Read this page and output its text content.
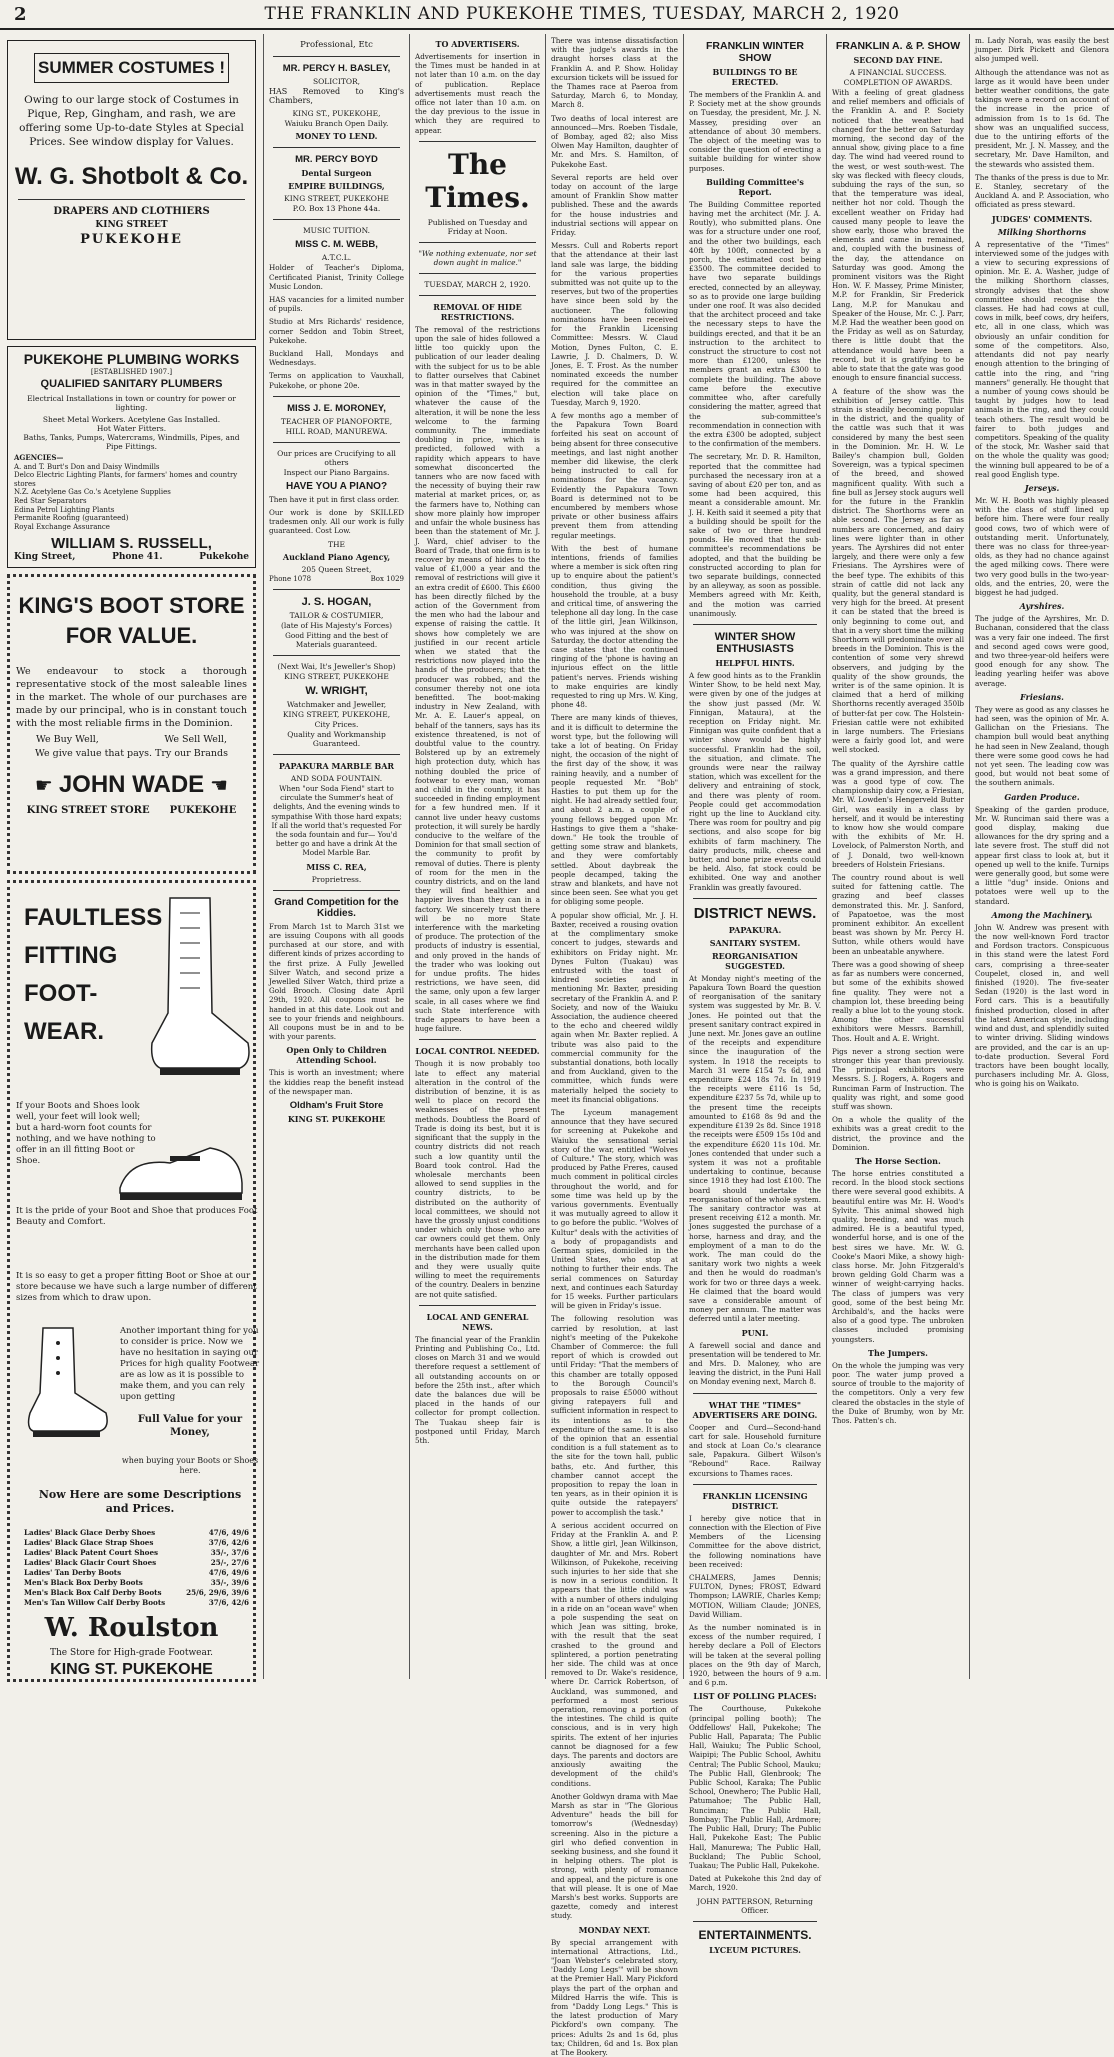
2	THE FRANKLIN AND PUKEKOHE TIMES, TUESDAY, MARCH 2, 1920
SUMMER COSTUMES !

Owing to our large stock of Costumes in Pique, Rep, Gingham, and rash, we are offering some Up-to-date Styles at Special Prices. See window display for Values.

W. G. Shotbolt & Co.

DRAPERS AND CLOTHIERS

KING STREET

PUKEKOHE

PUKEKOHE PLUMBING WORKS

[ESTABLISHED 1907.]

QUALIFIED SANITARY PLUMBERS

Electrical Installations in town or country for power or lighting.

Sheet Metal Workers. Acetylene Gas Installed.

Hot Water Fitters.

Baths, Tanks, Pumps, Watercrams, Windmills, Pipes, and Pipe Fittings.

AGENCIES—
A. and T. Burt's Don and Daisy Windmills
Delco Electric Lighting Plants, for farmers' homes and country stores
N.Z. Acetylene Gas Co.'s Acetylene Supplies
Red Star Separators
Edina Petrol Lighting Plants
Permanite Roofing (guaranteed)
Royal Exchange Assurance
WILLIAM S. RUSSELL,
King Street,	Phone 41.	Pukekohe
KING'S BOOT STORE FOR VALUE.

We endeavour to stock a thorough representative stock of the most saleable lines in the market. The whole of our purchases are made by our principal, who is in constant touch with the most reliable firms in the Dominion.

We Buy Well,	We Sell Well,

We give value that pays. Try our Brands

☛ JOHN WADE ☛
KING STREET STORE PUKEKOHE
FAULTLESS
FITTING
FOOT-
WEAR.

If your Boots and Shoes look well, your feet will look well; but a hard-worn foot counts for nothing, and we have nothing to offer in an ill fitting Boot or Shoe.

It is the pride of your Boot and Shoe that produces Foot Beauty and Comfort.

It is so easy to get a proper fitting Boot or Shoe at our store because we have such a large number of different sizes from which to draw upon.

Another important thing for you to consider is price. Now we have no hesitation in saying our Prices for high quality Footwear are as low as it is possible to make them, and you can rely upon getting

Full Value for your
Money,

when buying your Boots or Shoes here.

Now Here are some Descriptions and Prices.
Ladies' Black Glace Derby Shoes	47/6, 49/6
Ladies' Black Glace Strap Shoes	37/6, 42/6
Ladies' Black Patent Court Shoes	35/-, 37/6
Ladies' Black Glacir Court Shoes	25/-, 27/6
Ladies' Tan Derby Boots	47/6, 49/6
Men's Black Box Derby Boots	35/-, 39/6
Men's Black Box Calf Derby Boots	25/6, 29/6, 39/6
Men's Tan Willow Calf Derby Boots	37/6, 42/6
W. Roulston
The Store for High-grade Footwear.
KING ST. PUKEKOHE
Professional, Etc
MR. PERCY H. BASLEY,
SOLICITOR,
HAS Removed to King's Chambers,
KING ST., PUKEKOHE,
Waiuku Branch Open Daily.
MONEY TO LEND.
MR. PERCY BOYD
Dental Surgeon
EMPIRE BUILDINGS,
KING STREET, PUKEKOHE
P.O. Box 13 Phone 44a.
MUSIC TUITION.
MISS C. M. WEBB,
A.T.C.L.
Holder of Teacher's Diploma, Certificated Pianist, Trinity College Music London.
HAS vacancies for a limited number of pupils.
Studio at Mrs Richards' residence, corner Seddon and Tobin Street, Pukekohe.
Buckland Hall, Mondays and Wednesdays.
Terms on application to Vauxhall, Pukekohe, or phone 20e.
MISS J. E. MORONEY,
TEACHER OF PIANOFORTE,
HILL ROAD, MANUREWA.
Our prices are Crucifying to all others
Inspect our Piano Bargains.
HAVE YOU A PIANO?
Then have it put in first class order.
Our work is done by SKILLED tradesmen only. All our work is fully guaranteed. Cost Low.
THE
Auckland Piano Agency,
205 Queen Street,
Phone 1078	Box 1029
J. S. HOGAN,
TAILOR & COSTUMIER,
(late of His Majesty's Forces)
Good Fitting and the best of Materials guaranteed.
(Next Wai, It's Jeweller's Shop)
KING STREET, PUKEKOHE
W. WRIGHT,
Watchmaker and Jeweller,
KING STREET, PUKEKOHE,
City Prices.
Quality and Workmanship Guaranteed.
PAPAKURA MARBLE BAR
AND SODA FOUNTAIN.
When "our Soda Fiend" start to circulate the Summer's heat of delights, And the evening winds to sympathise With those hard expats; If all the world that's requested For the soda fountain and fur— You'd better go and have a drink At the Model Marble Bar.
MISS C. REA,
Proprietress.
Grand Competition for the Kiddies.
From March 1st to March 31st we are issuing Coupons with all goods purchased at our store, and with different kinds of prizes according to the first prize. A Fully Jewelled Silver Watch, and second prize a Jewelled Silver Watch, third prize a Gold Brooch. Closing date April 29th, 1920. All coupons must be handed in at this date. Look out and see to your friends and neighbours. All coupons must be in and to be with your parents.
Open Only to Children Attending School.
This is worth an investment; where the kiddies reap the benefit instead of the newspaper man.
Oldham's Fruit Store
KING ST. PUKEKOHE
TO ADVERTISERS.
Advertisements for insertion in the Times must be handed in at not later than 10 a.m. on the day of publication. Replace advertisements must reach the office not later than 10 a.m. on the day previous to the issue in which they are required to appear.
The Times.
Published on Tuesday and Friday at Noon.
"We nothing extenuate, nor set down aught in malice."
TUESDAY, MARCH 2, 1920.
REMOVAL OF HIDE RESTRICTIONS.
The removal of the restrictions upon the sale of hides followed a little too quickly upon the publication of our leader dealing with the subject for us to be able to flatter ourselves that Cabinet was in that matter swayed by the opinion of the "Times," but, whatever the cause of the alteration, it will be none the less welcome to the farming community. The immediate doubling in price, which is predicted, followed with a rapidity which appears to have somewhat disconcerted the tanners who are now faced with the necessity of buying their raw material at market prices, or, as the farmers have to, Nothing can show more plainly how improper and unfair the whole business has been than the statement of Mr. J. J. Ward, chief adviser to the Board of Trade, that one firm is to recover by means of hides to the value of £1,000 a year and the removal of restrictions will give it an extra credit of £600. This £600 has been directly filched by the action of the Government from the men who had the labour and expense of raising the cattle. It shows how completely we are justified in our recent article when we stated that the restrictions now played into the hands of the producers; that the producer was robbed, and the consumer thereby not one iota benefitted. The boot-making industry in New Zealand, with Mr. A. E. Lauer's appeal, on behalf of the tanners, says has its existence threatened, is not of doubtful value to the country. Bolstered up by an extremely high protection duty, which has nothing doubled the price of footwear to every man, woman and child in the country, it has succeeded in finding employment for a few hundred men. If it cannot live under heavy customs protection, it will surely be hardly conducive to the welfare of the Dominion for that small section of the community to profit by removal of duties. There is plenty of room for the men in the country districts, and on the land they will find healthier and happier lives than they can in a factory. We sincerely trust there will be no more State interference with the marketing of produce. The protection of the products of industry is essential, and only proved in the hands of the trader who was looking out for undue profits. The hides restrictions, we have seen, did the same, only upon a few larger scale, in all cases where we find such State interference with trade appears to have been a huge failure.
LOCAL CONTROL NEEDED.
Though it is now probably too late to effect any material alteration in the control of the distribution of benzine, it is as well to place on record the weaknesses of the present methods. Doubtless the Board of Trade is doing its best, but it is significant that the supply in the country districts did not reach such a low quantity until the Board took control. Had the wholesale merchants been allowed to send supplies in the country districts, to be distributed on the authority of local committees, we should not have the grossly unjust conditions under which only those who are car owners could get them. Only merchants have been called upon in the distribution made for them and they were usually quite willing to meet the requirements of the country. Dealers in benzine are not quite satisfied.
LOCAL AND GENERAL NEWS.
The financial year of the Franklin Printing and Publishing Co., Ltd. closes on March 31 and we would therefore request a settlement of all outstanding accounts on or before the 25th inst., after which date the balances due will be placed in the hands of our collector for prompt collection. The Tuakau sheep fair is postponed until Friday, March 5th.
There was intense dissatisfaction with the judge's awards in the draught horses class at the Franklin A. and P. Show. Holiday excursion tickets will be issued for the Thames race at Paeroa from Saturday, March 6, to Monday, March 8.
Two deaths of local interest are announced—Mrs. Roeben Tisdale, of Bombay, aged 82; also Miss Olwen May Hamilton, daughter of Mr. and Mrs. S. Hamilton, of Pukekohe East.
Several reports are held over today on account of the large amount of Franklin Show matter published. These and the awards for the house industries and industrial sections will appear on Friday.
Messrs. Cull and Roberts report that the attendance at their last land sale was large, the bidding for the various properties submitted was not quite up to the reserves, but two of the properties have since been sold by the auctioneer. The following nominations have been received for the Franklin Licensing Committee: Messrs. W. Claud Motion, Dynes Fulton, C. E. Lawrie, J. D. Chalmers, D. W. Jones, E. T. Frost. As the number nominated exceeds the number required for the committee an election will take place on Tuesday, March 9, 1920.
A few months ago a member of the Papakura Town Board forfeited his seat on account of being absent for three consecutive meetings, and last night another member did likewise, the clerk being instructed to call for nominations for the vacancy. Evidently the Papakura Town Board is determined not to be encumbered by members whose private or other business affairs prevent them from attending regular meetings.
With the best of humane intentions, friends of families where a member is sick often ring up to enquire about the patient's condition, thus giving the household the trouble, at a busy and critical time, of answering the telephone all day long. In the case of the little girl, Jean Wilkinson, who was injured at the show on Saturday, the doctor attending the case states that the continued ringing of the 'phone is having an injurious effect on the little patient's nerves. Friends wishing to make enquiries are kindly requested to ring up Mrs. W. King, phone 48.
There are many kinds of thieves, and it is difficult to determine the worst type, but the following will take a lot of beating. On Friday night, the occasion of the night of the first day of the show, it was raining heavily, and a number of people requested Mr. "Bob" Hasties to put them up for the night. He had already settled four, and about 2 a.m. a couple of young fellows begged upon Mr. Hastings to give them a "shake-down." He took the trouble of getting some straw and blankets, and they were comfortably settled. About daybreak the people decamped, taking the straw and blankets, and have not since been seen. See what you get for obliging some people.
A popular show official, Mr. J. H. Baxter, received a rousing ovation at the complimentary smoke concert to judges, stewards and exhibitors on Friday night. Mr. Dynes Fulton (Tuakau) was entrusted with the toast of kindred societies and in mentioning Mr. Baxter, presiding secretary of the Franklin A. and P. Society, and now of the Waiuku Association, the audience cheered to the echo and cheered wildly again when Mr. Baxter replied. A tribute was also paid to the commercial community for the substantial donations, both locally and from Auckland, given to the committee, which funds were materially helped the society to meet its financial obligations.
The Lyceum management announce that they have secured for screening at Pukekohe and Waiuku the sensational serial story of the war, entitled "Wolves of Culture." The story, which was produced by Pathe Freres, caused much comment in political circles throughout the world, and for some time was held up by the various governments. Eventually it was mutually agreed to allow it to go before the public. "Wolves of Kultur" deals with the activities of a body of propagandists and German spies, domiciled in the United States, who stop at nothing to further their ends. The serial commences on Saturday next, and continues each Saturday for 15 weeks. Further particulars will be given in Friday's issue.
The following resolution was carried by resolution, at last night's meeting of the Pukekohe Chamber of Commerce: the full report of which is crowded out until Friday: "That the members of this chamber are totally opposed to the Borough Council's proposals to raise £5000 without giving ratepayers full and sufficient information in respect to its intentions as to the expenditure of the same. It is also of the opinion that an essential condition is a full statement as to the site for the town hall, public baths, etc. And further, this chamber cannot accept the proposition to repay the loan in ten years, as in their opinion it is quite outside the ratepayers' power to accomplish the task."
A serious accident occurred on Friday at the Franklin A. and P. Show, a little girl, Jean Wilkinson, daughter of Mr. and Mrs. Robert Wilkinson, of Pukekohe, receiving such injuries to her side that she is now in a serious condition. It appears that the little child was with a number of others indulging in a ride on an "ocean wave" when a pole suspending the seat on which Jean was sitting, broke, with the result that the seat crashed to the ground and splintered, a portion penetrating her side. The child was at once removed to Dr. Wake's residence, where Dr. Carrick Robertson, of Auckland, was summoned, and performed a most serious operation, removing a portion of the intestines. The child is quite conscious, and is in very high spirits. The extent of her injuries cannot be diagnosed for a few days. The parents and doctors are anxiously awaiting the development of the child's conditions.
Another Goldwyn drama with Mae Marsh as star in "The Glorious Adventure" heads the bill for tomorrow's (Wednesday) screening. Also in the picture a girl who defied convention in seeking business, and she found it in helping others. The plot is strong, with plenty of romance and appeal, and the picture is one that will please. It is one of Mae Marsh's best works. Supports are gazette, comedy and interest study.
MONDAY NEXT.
By special arrangement with international Attractions, Ltd., "Joan Webster's celebrated story, 'Daddy Long Legs'" will be shown at the Premier Hall. Mary Pickford plays the part of the orphan and Mildred Harris the wife. This is from "Daddy Long Legs." This is the latest production of Mary Pickford's own company. The prices: Adults 2s and 1s 6d, plus tax; Children, 6d and 1s. Box plan at The Bookery.
FRANKLIN WINTER SHOW
BUILDINGS TO BE ERECTED.
The members of the Franklin A. and P. Society met at the show grounds on Tuesday, the president, Mr. J. N. Massey, presiding over an attendance of about 30 members. The object of the meeting was to consider the question of erecting a suitable building for winter show purposes.
Building Committee's Report.
The Building Committee reported having met the architect (Mr. J. A. Routly), who submitted plans. One was for a structure under one roof, and the other two buildings, each 40ft by 100ft, connected by a porch, the estimated cost being £3500. The committee decided to have two separate buildings erected, connected by an alleyway, so as to provide one large building under one roof. It was also decided that the architect proceed and take the necessary steps to have the buildings erected, and that it be an instruction to the architect to construct the structure to cost not more than £1200, unless the members grant an extra £300 to complete the building. The above came before the executive committee who, after carefully considering the matter, agreed that the sub-committee's recommendation in connection with the extra £300 be adopted, subject to the confirmation of the members.
The secretary, Mr. D. R. Hamilton, reported that the committee had purchased the necessary iron at a saving of about £20 per ton, and as some had been acquired, this meant a considerable amount. Mr. J. H. Keith said it seemed a pity that a building should be spoilt for the sake of two or three hundred pounds. He moved that the sub-committee's recommendations be adopted, and that the building be constructed according to plan for two separate buildings, connected by an alleyway, as soon as possible. Members agreed with Mr. Keith, and the motion was carried unanimously.
WINTER SHOW ENTHUSIASTS
HELPFUL HINTS.
A few good hints as to the Franklin Winter Show, to be held next May, were given by one of the judges at the show just passed (Mr. W. Finnigan, Mataura), at the reception on Friday night. Mr. Finnigan was quite confident that a winter show would be highly successful. Franklin had the soil, the situation, and climate. The grounds were near the railway station, which was excellent for the delivery and entraining of stock, and there was plenty of room. People could get accommodation right up the line to Auckland city. There was room for poultry and pig sections, and also scope for big exhibits of farm machinery. The dairy products, milk, cheese and butter, and bone prize events could be held. Also, fat stock could be exhibited. One way and another Franklin was greatly favoured.
DISTRICT NEWS.
PAPAKURA.
SANITARY SYSTEM.
REORGANISATION SUGGESTED.
At Monday night's meeting of the Papakura Town Board the question of reorganisation of the sanitary system was suggested by Mr. B. V. Jones. He pointed out that the present sanitary contract expired in June next. Mr. Jones gave an outline of the receipts and expenditure since the inauguration of the system. In 1918 the receipts to March 31 were £154 7s 6d, and expenditure £24 18s 7d. In 1919 the receipts were £116 1s 5d, expenditure £237 5s 7d, while up to the present time the receipts amounted to £168 8s 9d and the expenditure £139 2s 8d. Since 1918 the receipts were £509 15s 10d and the expenditure £620 11s 10d. Mr. Jones contended that under such a system it was not a profitable undertaking to continue, because since 1918 they had lost £100. The board should undertake the reorganisation of the whole system. The sanitary contractor was at present receiving £12 a month. Mr. Jones suggested the purchase of a horse, harness and dray, and the employment of a man to do the work. The man could do the sanitary work two nights a week and then he would do roadman's work for two or three days a week. He claimed that the board would save a considerable amount of money per annum. The matter was deferred until a later meeting.
PUNI.
A farewell social and dance and presentation will be tendered to Mr. and Mrs. D. Maloney, who are leaving the district, in the Puni Hall on Monday evening next, March 8.
WHAT THE "TIMES" ADVERTISERS ARE DOING.
Cooper and Curd—Second-hand cart for sale. Household furniture and stock at Loan Co.'s clearance sale, Papakura. Gilbert Wilson's "Rebound" Race. Railway excursions to Thames races.
FRANKLIN LICENSING DISTRICT.
I hereby give notice that in connection with the Election of Five Members of the Licensing Committee for the above district, the following nominations have been received:
CHALMERS, James Dennis; FULTON, Dynes; FROST, Edward Thompson; LAWRIE, Charles Kemp; MOTION, William Claude; JONES, David William.
As the number nominated is in excess of the number required, I hereby declare a Poll of Electors will be taken at the several polling places on the 9th day of March, 1920, between the hours of 9 a.m. and 6 p.m.
LIST OF POLLING PLACES:
The Courthouse, Pukekohe (principal polling booth); The Oddfellows' Hall, Pukekohe; The Public Hall, Paparata; The Public Hall, Waiuku; The Public School, Waipipi; The Public School, Awhitu Central; The Public School, Mauku; The Public Hall, Glenbrook; The Public School, Karaka; The Public School, Onewhero; The Public Hall, Patumahoe; The Public Hall, Runciman; The Public Hall, Bombay; The Public Hall, Ardmore; The Public Hall, Drury; The Public Hall, Pukekohe East; The Public Hall, Manurewa; The Public Hall, Buckland; The Public School, Tuakau; The Public Hall, Pukekohe.
Dated at Pukekohe this 2nd day of March, 1920.
JOHN PATTERSON, Returning Officer.
ENTERTAINMENTS.
LYCEUM PICTURES.
FRANKLIN A. & P. SHOW
SECOND DAY FINE.
A FINANCIAL SUCCESS.
COMPLETION OF AWARDS.
With a feeling of great gladness and relief members and officials of the Franklin A. and P. Society noticed that the weather had changed for the better on Saturday morning, the second day of the annual show, giving place to a fine day. The wind had veered round to the west, or west south-west. The sky was flecked with fleecy clouds, subduing the rays of the sun, so that the temperature was ideal, neither hot nor cold. Though the excellent weather on Friday had caused many people to leave the show early, those who braved the elements and came in remained, and, coupled with the business of the day, the attendance on Saturday was good. Among the prominent visitors was the Right Hon. W. F. Massey, Prime Minister, M.P. for Franklin, Sir Frederick Lang, M.P. for Manukau and Speaker of the House, Mr. C. J. Parr, M.P. Had the weather been good on the Friday as well as on Saturday, there is little doubt that the attendance would have been a record, but it is gratifying to be able to state that the gate was good enough to ensure financial success.
A feature of the show was the exhibition of Jersey cattle. This strain is steadily becoming popular in the district, and the quality of the cattle was such that it was considered by many the best seen in the Dominion. Mr. H. W. Le Bailey's champion bull, Golden Sovereign, was a typical specimen of the breed, and showed magnificent quality. With such a fine bull as Jersey stock augurs well for the future in the Franklin district. The Shorthorns were an able second. The Jersey as far as numbers are concerned, and dairy lines were lighter than in other years. The Ayrshires did not enter largely, and there were only a few Friesians. The Ayrshires were of the beef type. The exhibits of this strain of cattle did not lack any quality, but the general standard is very high for the breed. At present it can be stated that the breed is only beginning to come out, and that in a very short time the milking Shorthorn will predominate over all breeds in the Dominion. This is the contention of some very shrewd observers, and judging by the quality of the show grounds, the writer is of the same opinion. It is claimed that a herd of milking Shorthorns recently averaged 350lb of butter-fat per cow. The Holstein-Friesian cattle were not exhibited in large numbers. The Friesians were a fairly good lot, and were well stocked.
The quality of the Ayrshire cattle was a grand impression, and there was a good type of cow. The championship dairy cow, a Friesian, Mr. W. Lowden's Hengerveld Butter Girl, was easily in a class by herself, and it would be interesting to know how she would compare with the exhibits of Mr. H. Lovelock, of Palmerston North, and of J. Donald, two well-known breeders of Holstein Friesians.
The country round about is well suited for fattening cattle. The grazing and beef classes demonstrated this. Mr. J. Sanford, of Papatoetoe, was the most prominent exhibitor. An excellent beast was shown by Mr. Percy H. Sutton, while others would have been an unbeatable anywhere.
There was a good showing of sheep as far as numbers were concerned, but some of the exhibits showed fine quality. They were not a champion lot, these breeding being really a blue lot to the young stock. Among the other successful exhibitors were Messrs. Barnhill, Thos. Hoult and A. E. Wright.
Pigs never a strong section were stronger this year than previously. The principal exhibitors were Messrs. S. J. Rogers, A. Rogers and Runciman Farm of Instruction. The quality was right, and some good stuff was shown.
On a whole the quality of the exhibits was a great credit to the district, the province and the Dominion.
The Horse Section.
The horse entries constituted a record. In the blood stock sections there were several good exhibits. A beautiful entire was Mr. H. Wood's Sylvite. This animal showed high quality, breeding, and was much admired. He is a beautiful typed, wonderful horse, and is one of the best sires we have. Mr. W. G. Cooke's Maori Mike, a showy high-class horse. Mr. John Fitzgerald's brown gelding Gold Charm was a winner of weight-carrying hacks. The class of jumpers was very good, some of the best being Mr. Archibald's, and the hacks were also of a good type. The unbroken classes included promising youngsters.
The Jumpers.
On the whole the jumping was very poor. The water jump proved a source of trouble to the majority of the competitors. Only a very few cleared the obstacles in the style of the Duke of Brumby, won by Mr. Thos. Patten's ch.
m. Lady Norah, was easily the best jumper. Dirk Pickett and Glenora also jumped well.
Although the attendance was not as large as it would have been under better weather conditions, the gate takings were a record on account of the increase in the price of admission from 1s to 1s 6d. The show was an unqualified success, due to the untiring efforts of the president, Mr. J. N. Massey, and the secretary, Mr. Dave Hamilton, and the stewards who assisted them.
The thanks of the press is due to Mr. E. Stanley, secretary of the Auckland A. and P. Association, who officiated as press steward.
JUDGES' COMMENTS.
Milking Shorthorns
A representative of the "Times" interviewed some of the judges with a view to securing expressions of opinion. Mr. E. A. Washer, judge of the milking Shorthorn classes, strongly advises that the show committee should recognise the classes. He had had cows at cull, cows in milk, beef cows, dry heifers, etc, all in one class, which was obviously an unfair condition for some of the competitors. Also, attendants did not pay nearly enough attention to the bringing of cattle into the ring, and "ring manners" generally. He thought that a number of young cows should be taught by judges how to lead animals in the ring, and they could teach others. The result would be fairer to both judges and competitors. Speaking of the quality of the stock, Mr. Washer said that on the whole the quality was good; the winning bull appeared to be of a real good English type.
Jerseys.
Mr. W. H. Booth was highly pleased with the class of stuff lined up before him. There were four really good cows, two of which were of outstanding merit. Unfortunately, there was no class for three-year-olds, as they had no chance against the aged milking cows. There were two very good bulls in the two-year-olds, and the entries, 20, were the biggest he had judged.
Ayrshires.
The judge of the Ayrshires, Mr. D. Buchanan, considered that the class was a very fair one indeed. The first and second aged cows were good, and two three-year-old heifers were good enough for any show. The leading yearling heifer was above average.
Friesians.
They were as good as any classes he had seen, was the opinion of Mr. A. Gallichan on the Friesians. The champion bull would beat anything he had seen in New Zealand, though there were some good cows he had not yet seen. The leading cow was good, but would not beat some of the southern animals.
Garden Produce.
Speaking of the garden produce, Mr. W. Runciman said there was a good display, making due allowances for the dry spring and a late severe frost. The stuff did not appear first class to look at, but it opened up well to the knife. Turnips were generally good, but some were a little "dug" inside. Onions and potatoes were well up to the standard.
Among the Machinery.
John W. Andrew was present with the now well-known Ford tractor and Fordson tractors. Conspicuous in this stand were the latest Ford cars, comprising a three-seater Coupelet, closed in, and well finished (1920). The five-seater Sedan (1920) is the last word in Ford cars. This is a beautifully finished production, closed in after the latest American style, including wind and dust, and splendidly suited to winter driving. Sliding windows are provided, and the car is an up-to-date production. Several Ford tractors have been bought locally, purchasers including Mr. A. Gloss, who is going his on Waikato.
